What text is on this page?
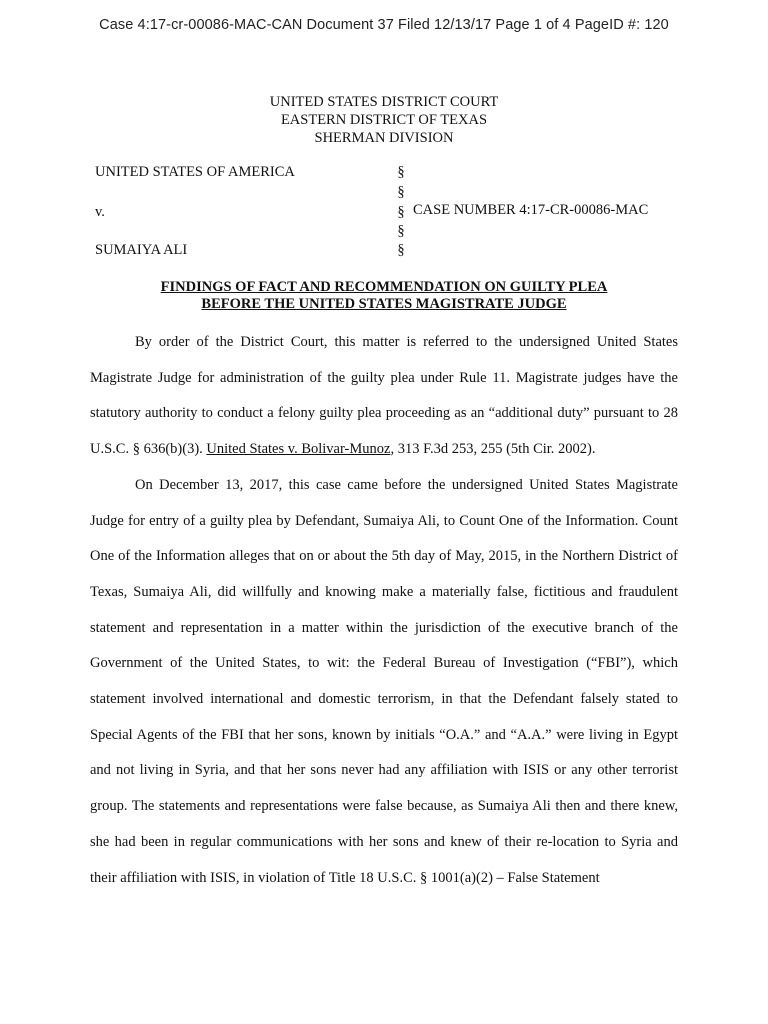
Case 4:17-cr-00086-MAC-CAN Document 37 Filed 12/13/17 Page 1 of 4 PageID #: 120
UNITED STATES DISTRICT COURT
EASTERN DISTRICT OF TEXAS
SHERMAN DIVISION
UNITED STATES OF AMERICA
v.
SUMAIYA ALI
§
§
§
§
§
CASE NUMBER 4:17-CR-00086-MAC
FINDINGS OF FACT AND RECOMMENDATION ON GUILTY PLEA
BEFORE THE UNITED STATES MAGISTRATE JUDGE

By order of the District Court, this matter is referred to the undersigned United States Magistrate Judge for administration of the guilty plea under Rule 11. Magistrate judges have the statutory authority to conduct a felony guilty plea proceeding as an “additional duty” pursuant to 28 U.S.C. § 636(b)(3). United States v. Bolivar-Munoz, 313 F.3d 253, 255 (5th Cir. 2002).

On December 13, 2017, this case came before the undersigned United States Magistrate Judge for entry of a guilty plea by Defendant, Sumaiya Ali, to Count One of the Information. Count One of the Information alleges that on or about the 5th day of May, 2015, in the Northern District of Texas, Sumaiya Ali, did willfully and knowing make a materially false, fictitious and fraudulent statement and representation in a matter within the jurisdiction of the executive branch of the Government of the United States, to wit: the Federal Bureau of Investigation (“FBI”), which statement involved international and domestic terrorism, in that the Defendant falsely stated to Special Agents of the FBI that her sons, known by initials “O.A.” and “A.A.” were living in Egypt and not living in Syria, and that her sons never had any affiliation with ISIS or any other terrorist group. The statements and representations were false because, as Sumaiya Ali then and there knew, she had been in regular communications with her sons and knew of their re-location to Syria and their affiliation with ISIS, in violation of Title 18 U.S.C. § 1001(a)(2) – False Statement
